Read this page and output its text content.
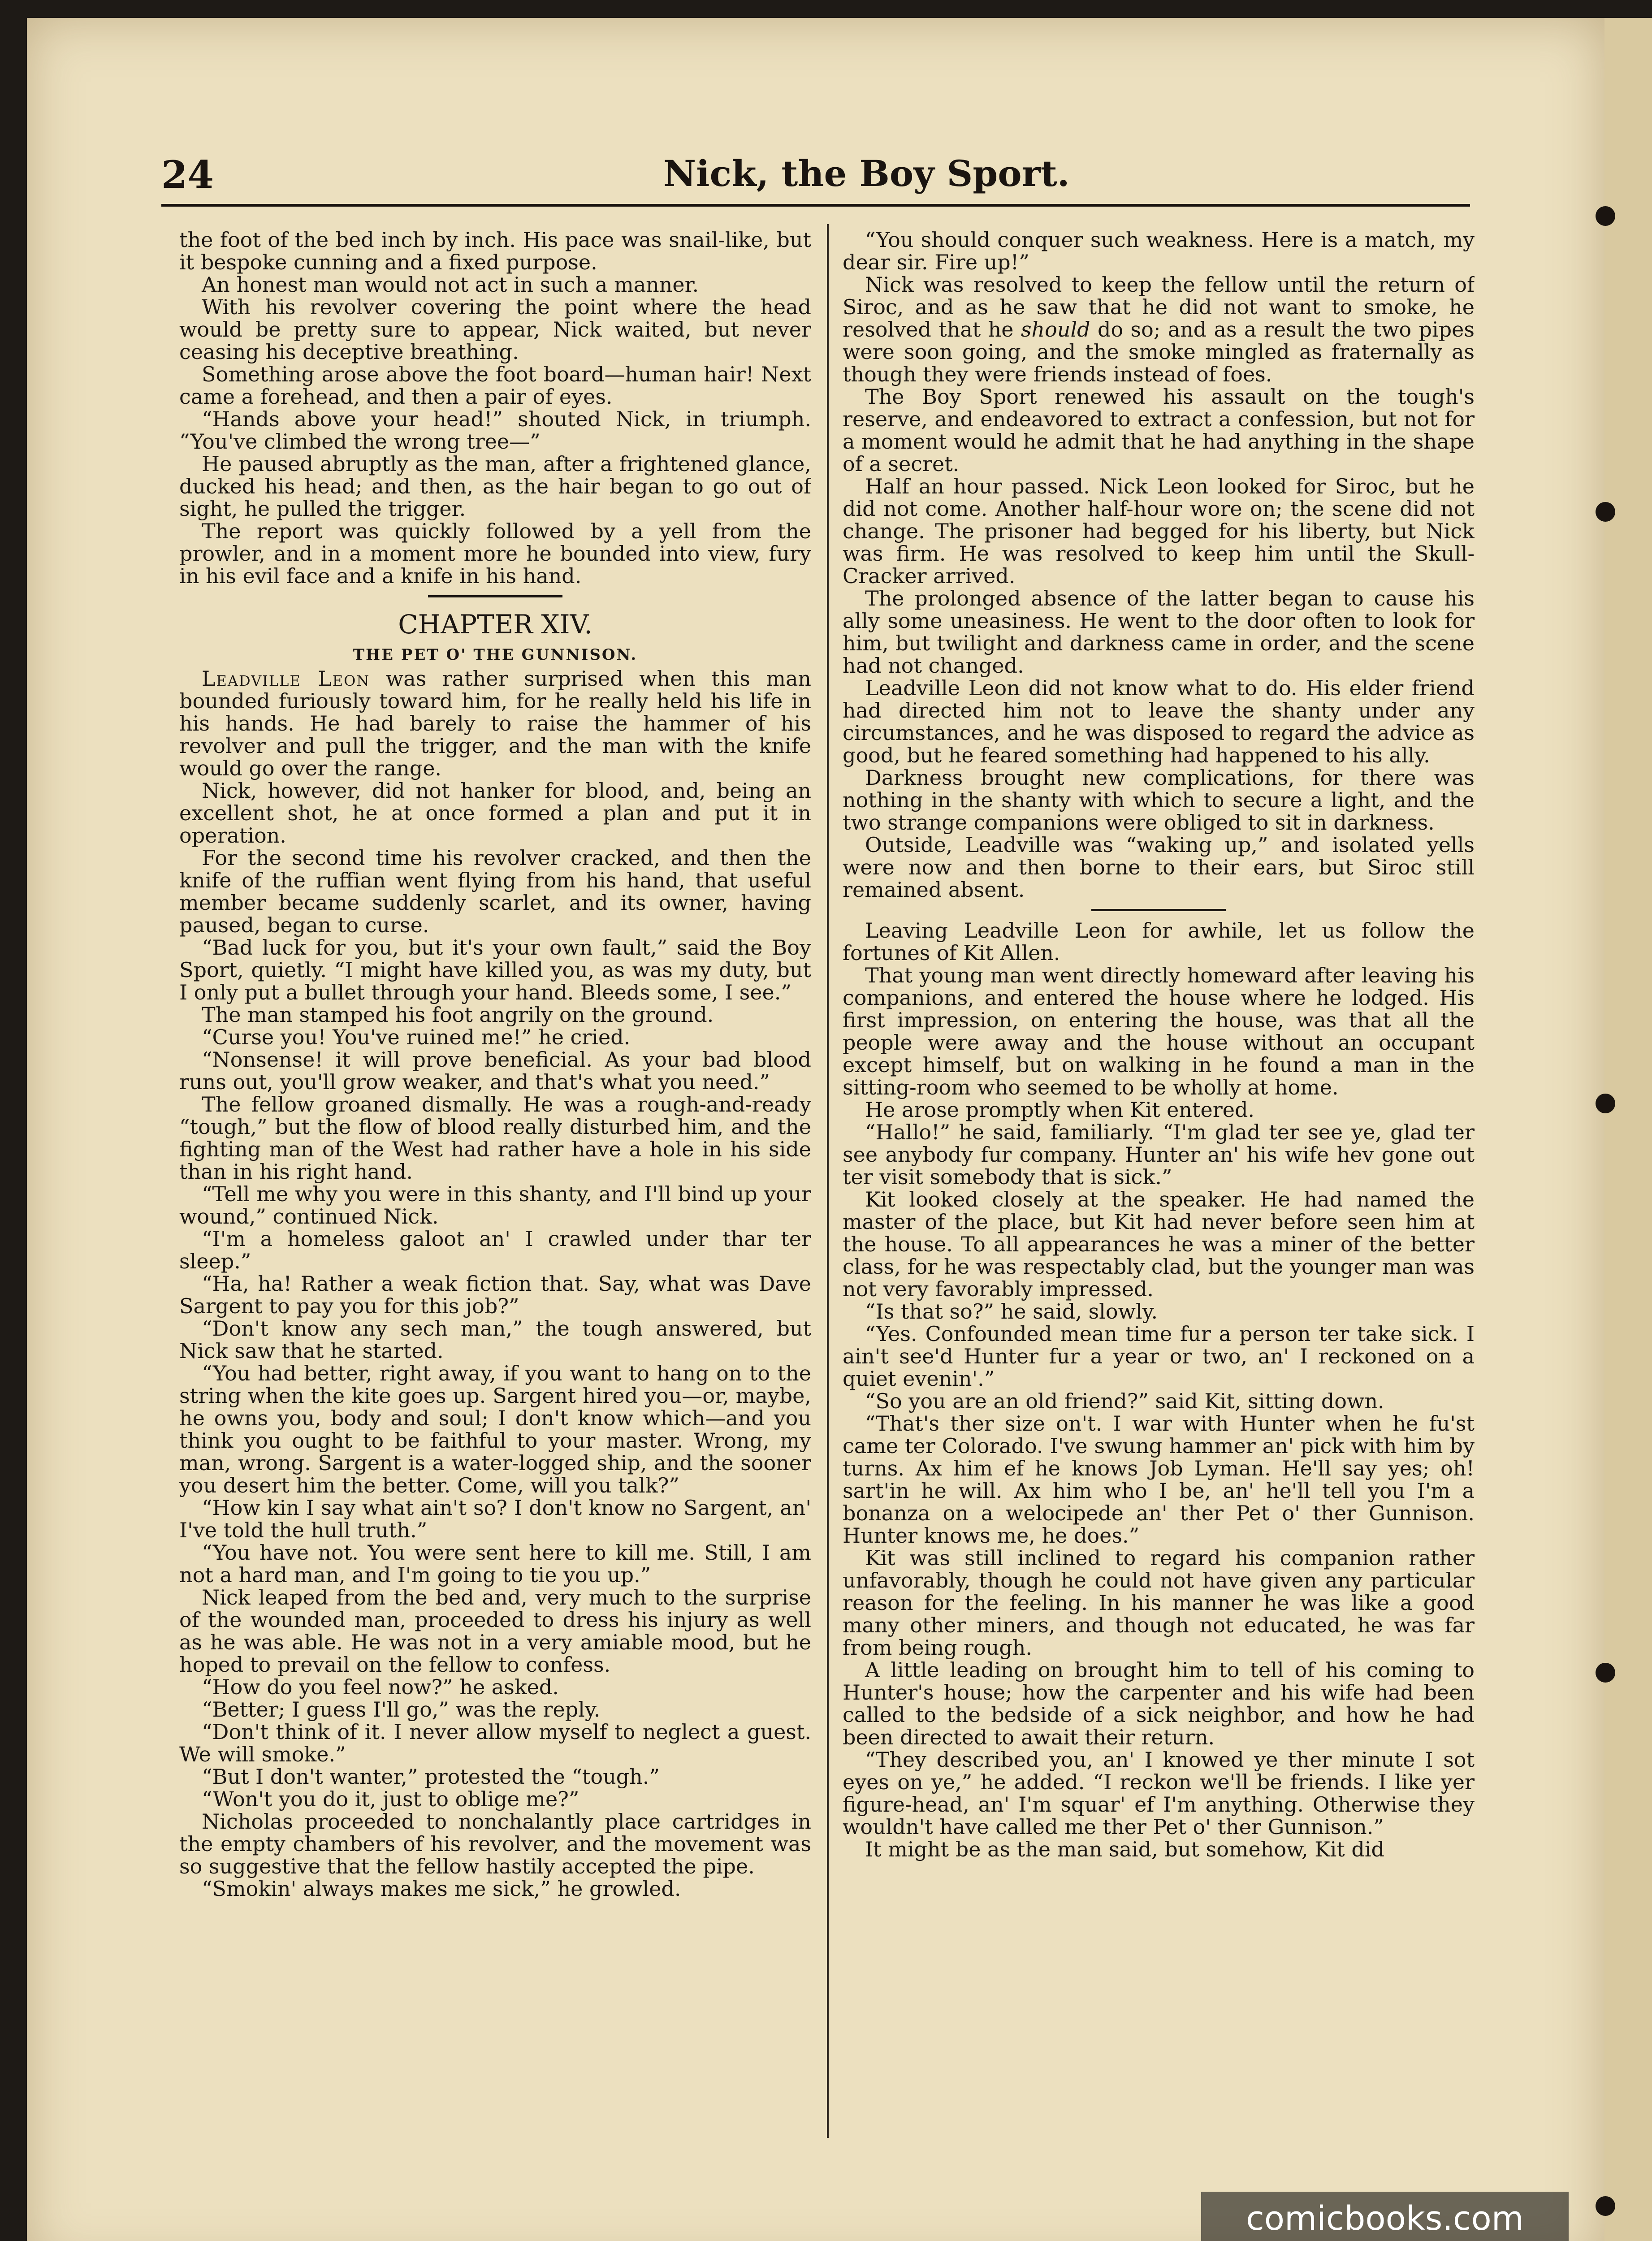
24	Nick, the Boy Sport.

the foot of the bed inch by inch. His pace was snail-like, but it bespoke cunning and a fixed purpose.

An honest man would not act in such a manner.

With his revolver covering the point where the head would be pretty sure to appear, Nick waited, but never ceasing his deceptive breathing.

Something arose above the foot board—human hair! Next came a forehead, and then a pair of eyes.

“Hands above your head!” shouted Nick, in triumph. “You've climbed the wrong tree—”

He paused abruptly as the man, after a frightened glance, ducked his head; and then, as the hair began to go out of sight, he pulled the trigger.

The report was quickly followed by a yell from the prowler, and in a moment more he bounded into view, fury in his evil face and a knife in his hand.

CHAPTER XIV.

THE PET O' THE GUNNISON.

Leadville Leon was rather surprised when this man bounded furiously toward him, for he really held his life in his hands. He had barely to raise the hammer of his revolver and pull the trigger, and the man with the knife would go over the range.

Nick, however, did not hanker for blood, and, being an excellent shot, he at once formed a plan and put it in operation.

For the second time his revolver cracked, and then the knife of the ruffian went flying from his hand, that useful member became suddenly scarlet, and its owner, having paused, began to curse.

“Bad luck for you, but it's your own fault,” said the Boy Sport, quietly. “I might have killed you, as was my duty, but I only put a bullet through your hand. Bleeds some, I see.”

The man stamped his foot angrily on the ground.

“Curse you! You've ruined me!” he cried.

“Nonsense! it will prove beneficial. As your bad blood runs out, you'll grow weaker, and that's what you need.”

The fellow groaned dismally. He was a rough-and-ready “tough,” but the flow of blood really disturbed him, and the fighting man of the West had rather have a hole in his side than in his right hand.

“Tell me why you were in this shanty, and I'll bind up your wound,” continued Nick.

“I'm a homeless galoot an' I crawled under thar ter sleep.”

“Ha, ha! Rather a weak fiction that. Say, what was Dave Sargent to pay you for this job?”

“Don't know any sech man,” the tough answered, but Nick saw that he started.

“You had better, right away, if you want to hang on to the string when the kite goes up. Sargent hired you—or, maybe, he owns you, body and soul; I don't know which—and you think you ought to be faithful to your master. Wrong, my man, wrong. Sargent is a water-logged ship, and the sooner you desert him the better. Come, will you talk?”

“How kin I say what ain't so? I don't know no Sargent, an' I've told the hull truth.”

“You have not. You were sent here to kill me. Still, I am not a hard man, and I'm going to tie you up.”

Nick leaped from the bed and, very much to the surprise of the wounded man, proceeded to dress his injury as well as he was able. He was not in a very amiable mood, but he hoped to prevail on the fellow to confess.

“How do you feel now?” he asked.

“Better; I guess I'll go,” was the reply.

“Don't think of it. I never allow myself to neglect a guest. We will smoke.”

“But I don't wanter,” protested the “tough.”

“Won't you do it, just to oblige me?”

Nicholas proceeded to nonchalantly place cartridges in the empty chambers of his revolver, and the movement was so suggestive that the fellow hastily accepted the pipe.

“Smokin' always makes me sick,” he growled.

“You should conquer such weakness. Here is a match, my dear sir. Fire up!”

Nick was resolved to keep the fellow until the return of Siroc, and as he saw that he did not want to smoke, he resolved that he should do so; and as a result the two pipes were soon going, and the smoke mingled as fraternally as though they were friends instead of foes.

The Boy Sport renewed his assault on the tough's reserve, and endeavored to extract a confession, but not for a moment would he admit that he had anything in the shape of a secret.

Half an hour passed. Nick Leon looked for Siroc, but he did not come. Another half-hour wore on; the scene did not change. The prisoner had begged for his liberty, but Nick was firm. He was resolved to keep him until the Skull-Cracker arrived.

The prolonged absence of the latter began to cause his ally some uneasiness. He went to the door often to look for him, but twilight and darkness came in order, and the scene had not changed.

Leadville Leon did not know what to do. His elder friend had directed him not to leave the shanty under any circumstances, and he was disposed to regard the advice as good, but he feared something had happened to his ally.

Darkness brought new complications, for there was nothing in the shanty with which to secure a light, and the two strange companions were obliged to sit in darkness.

Outside, Leadville was “waking up,” and isolated yells were now and then borne to their ears, but Siroc still remained absent.

Leaving Leadville Leon for awhile, let us follow the fortunes of Kit Allen.

That young man went directly homeward after leaving his companions, and entered the house where he lodged. His first impression, on entering the house, was that all the people were away and the house without an occupant except himself, but on walking in he found a man in the sitting-room who seemed to be wholly at home.

He arose promptly when Kit entered.

“Hallo!” he said, familiarly. “I'm glad ter see ye, glad ter see anybody fur company. Hunter an' his wife hev gone out ter visit somebody that is sick.”

Kit looked closely at the speaker. He had named the master of the place, but Kit had never before seen him at the house. To all appearances he was a miner of the better class, for he was respectably clad, but the younger man was not very favorably impressed.

“Is that so?” he said, slowly.

“Yes. Confounded mean time fur a person ter take sick. I ain't see'd Hunter fur a year or two, an' I reckoned on a quiet evenin'.”

“So you are an old friend?” said Kit, sitting down.

“That's ther size on't. I war with Hunter when he fu'st came ter Colorado. I've swung hammer an' pick with him by turns. Ax him ef he knows Job Lyman. He'll say yes; oh! sart'in he will. Ax him who I be, an' he'll tell you I'm a bonanza on a welocipede an' ther Pet o' ther Gunnison. Hunter knows me, he does.”

Kit was still inclined to regard his companion rather unfavorably, though he could not have given any particular reason for the feeling. In his manner he was like a good many other miners, and though not educated, he was far from being rough.

A little leading on brought him to tell of his coming to Hunter's house; how the carpenter and his wife had been called to the bedside of a sick neighbor, and how he had been directed to await their return.

“They described you, an' I knowed ye ther minute I sot eyes on ye,” he added. “I reckon we'll be friends. I like yer figure-head, an' I'm squar' ef I'm anything. Otherwise they wouldn't have called me ther Pet o' ther Gunnison.”

It might be as the man said, but somehow, Kit did

comicbooks.com
